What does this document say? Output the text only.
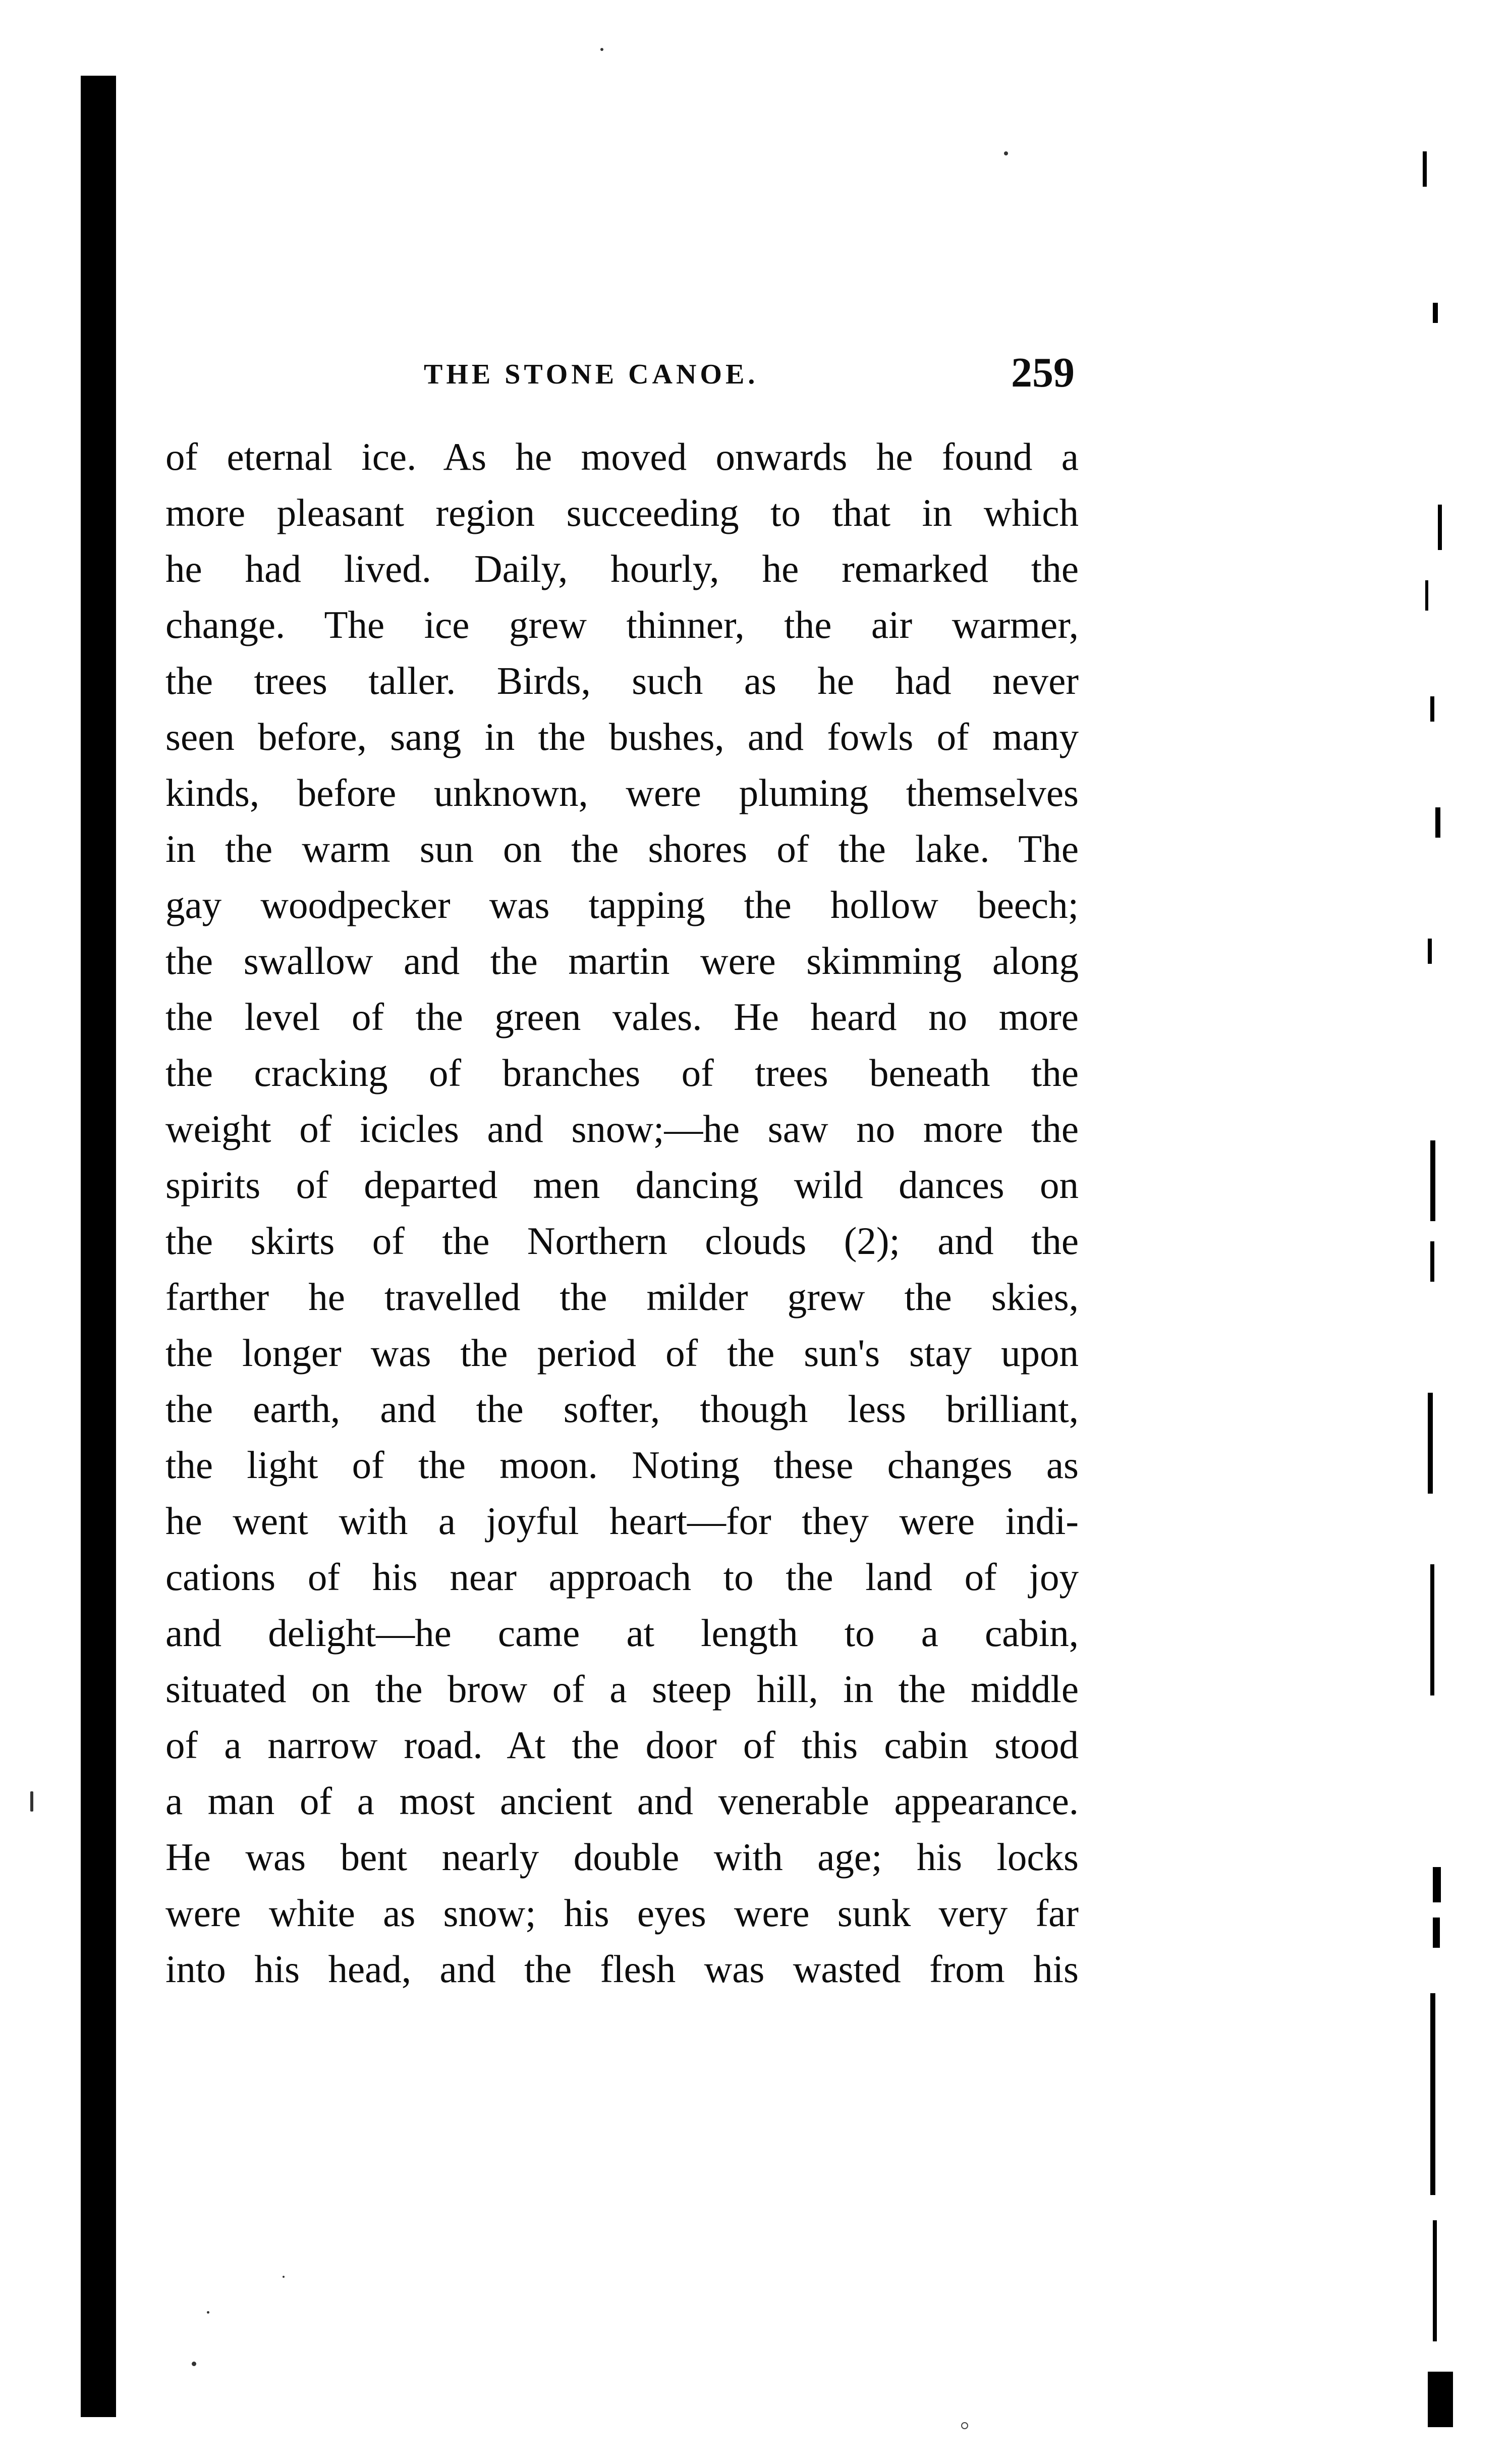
THE STONE CANOE.	259
of eternal ice. As he moved onwards he found a
more pleasant region succeeding to that in which
he had lived. Daily, hourly, he remarked the
change. The ice grew thinner, the air warmer,
the trees taller. Birds, such as he had never
seen before, sang in the bushes, and fowls of many
kinds, before unknown, were pluming themselves
in the warm sun on the shores of the lake. The
gay woodpecker was tapping the hollow beech;
the swallow and the martin were skimming along
the level of the green vales. He heard no more
the cracking of branches of trees beneath the
weight of icicles and snow;—he saw no more the
spirits of departed men dancing wild dances on
the skirts of the Northern clouds (2); and the
farther he travelled the milder grew the skies,
the longer was the period of the sun's stay upon
the earth, and the softer, though less brilliant,
the light of the moon. Noting these changes as
he went with a joyful heart—for they were indi-
cations of his near approach to the land of joy
and delight—he came at length to a cabin,
situated on the brow of a steep hill, in the middle
of a narrow road. At the door of this cabin stood
a man of a most ancient and venerable appearance.
He was bent nearly double with age; his locks
were white as snow; his eyes were sunk very far
into his head, and the flesh was wasted from his
